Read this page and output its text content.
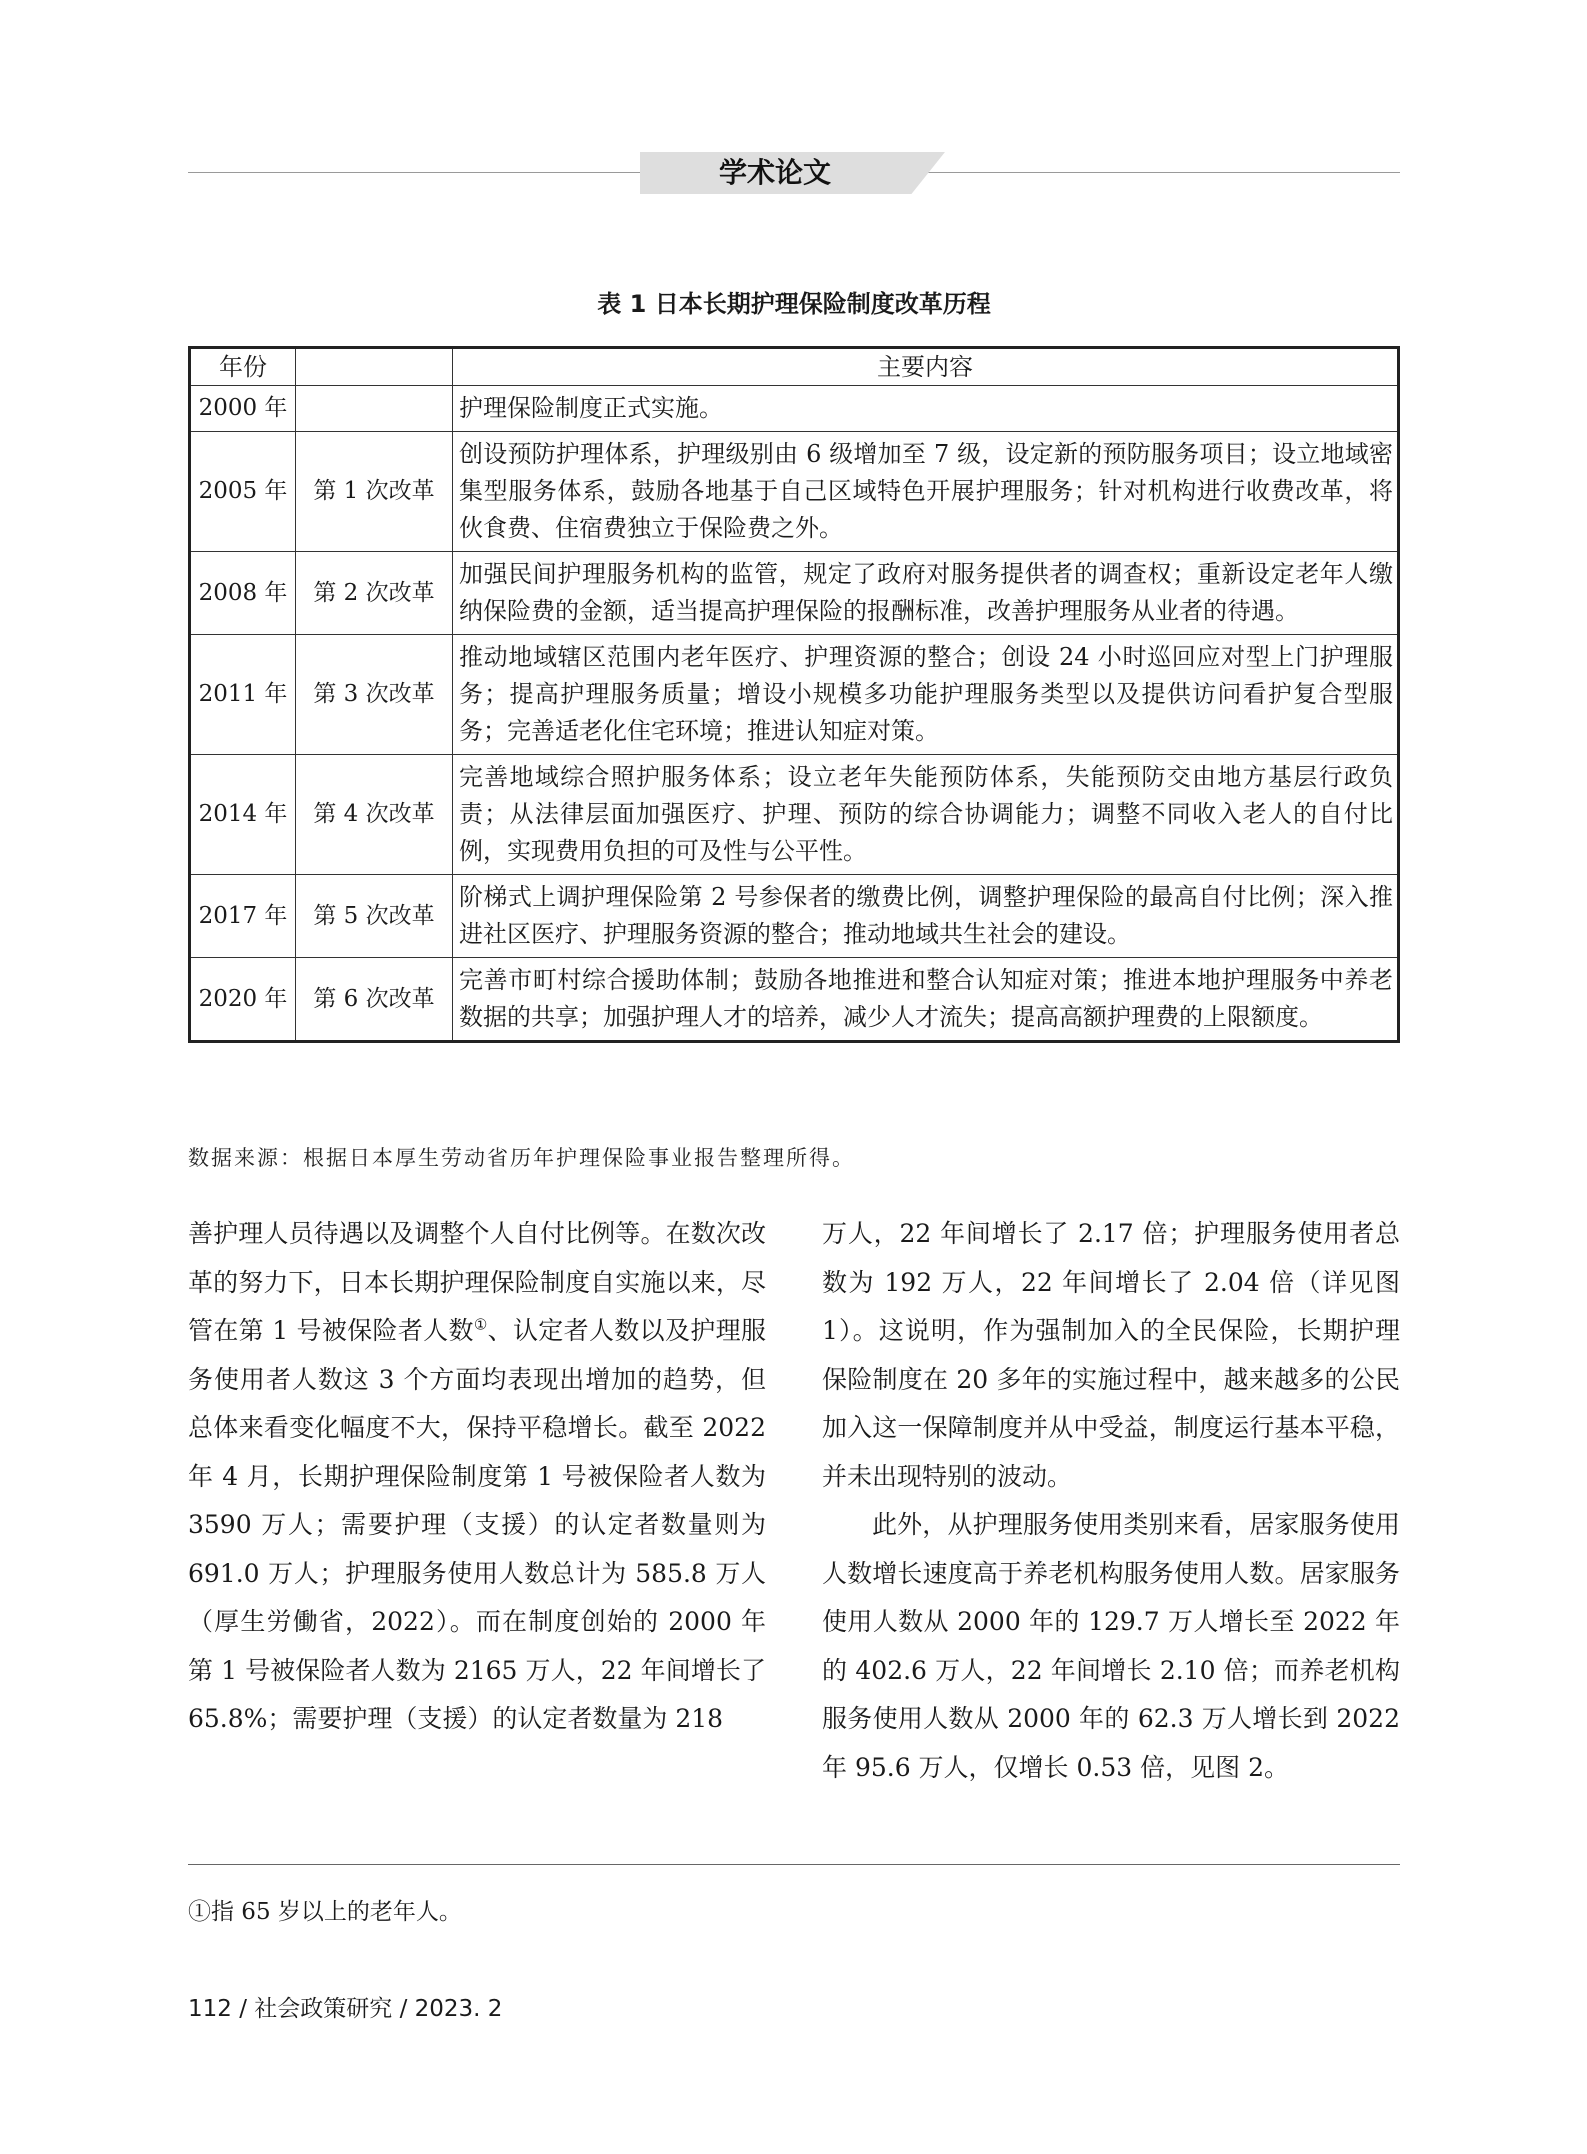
学术论文
表 1 日本长期护理保险制度改革历程
年份		主要内容
2000 年		护理保险制度正式实施。
2005 年	第 1 次改革	创设预防护理体系，护理级别由 6 级增加至 7 级，设定新的预防服务项目；设立地域密集型服务体系，鼓励各地基于自己区域特色开展护理服务；针对机构进行收费改革，将伙食费、住宿费独立于保险费之外。
2008 年	第 2 次改革	加强民间护理服务机构的监管，规定了政府对服务提供者的调查权；重新设定老年人缴纳保险费的金额，适当提高护理保险的报酬标准，改善护理服务从业者的待遇。
2011 年	第 3 次改革	推动地域辖区范围内老年医疗、护理资源的整合；创设 24 小时巡回应对型上门护理服务；提高护理服务质量；增设小规模多功能护理服务类型以及提供访问看护复合型服务；完善适老化住宅环境；推进认知症对策。
2014 年	第 4 次改革	完善地域综合照护服务体系；设立老年失能预防体系，失能预防交由地方基层行政负责；从法律层面加强医疗、护理、预防的综合协调能力；调整不同收入老人的自付比例，实现费用负担的可及性与公平性。
2017 年	第 5 次改革	阶梯式上调护理保险第 2 号参保者的缴费比例，调整护理保险的最高自付比例；深入推进社区医疗、护理服务资源的整合；推动地域共生社会的建设。
2020 年	第 6 次改革	完善市町村综合援助体制；鼓励各地推进和整合认知症对策；推进本地护理服务中养老数据的共享；加强护理人才的培养，减少人才流失；提高高额护理费的上限额度。
数据来源：根据日本厚生劳动省历年护理保险事业报告整理所得。

善护理人员待遇以及调整个人自付比例等。在数次改革的努力下，日本长期护理保险制度自实施以来，尽管在第 1 号被保险者人数①、认定者人数以及护理服务使用者人数这 3 个方面均表现出增加的趋势，但总体来看变化幅度不大，保持平稳增长。截至 2022 年 4 月，长期护理保险制度第 1 号被保险者人数为 3590 万人；需要护理（支援）的认定者数量则为 691.0 万人；护理服务使用人数总计为 585.8 万人（厚生労働省，2022）。而在制度创始的 2000 年第 1 号被保险者人数为 2165 万人，22 年间增长了 65.8%；需要护理（支援）的认定者数量为 218

万人，22 年间增长了 2.17 倍；护理服务使用者总数为 192 万人，22 年间增长了 2.04 倍（详见图 1）。这说明，作为强制加入的全民保险，长期护理保险制度在 20 多年的实施过程中，越来越多的公民加入这一保障制度并从中受益，制度运行基本平稳，并未出现特别的波动。

此外，从护理服务使用类别来看，居家服务使用人数增长速度高于养老机构服务使用人数。居家服务使用人数从 2000 年的 129.7 万人增长至 2022 年的 402.6 万人，22 年间增长 2.10 倍；而养老机构服务使用人数从 2000 年的 62.3 万人增长到 2022 年 95.6 万人，仅增长 0.53 倍，见图 2。

①指 65 岁以上的老年人。
112 / 社会政策研究 / 2023. 2
